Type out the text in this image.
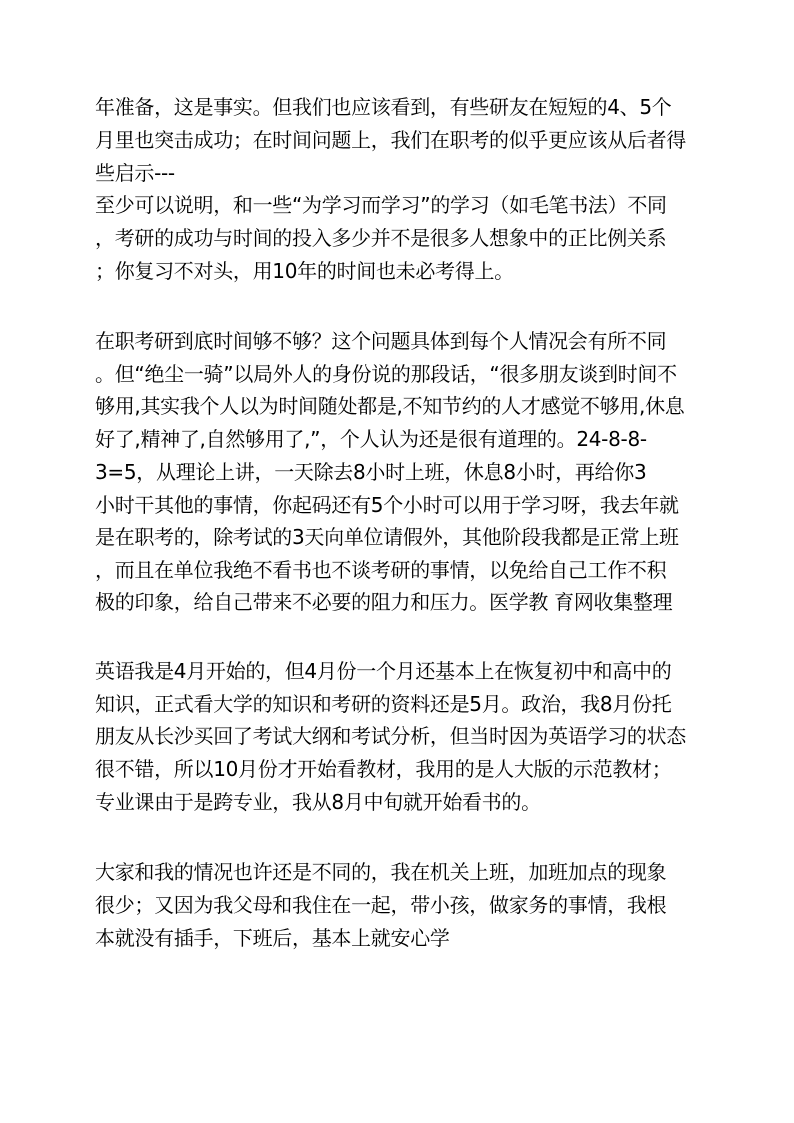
年准备，这是事实。但我们也应该看到，有些研友在短短的4、5个

月里也突击成功；在时间问题上，我们在职考的似乎更应该从后者得

些启示---

至少可以说明，和一些“为学习而学习”的学习（如毛笔书法）不同

，考研的成功与时间的投入多少并不是很多人想象中的正比例关系

；你复习不对头，用10年的时间也未必考得上。

在职考研到底时间够不够？这个问题具体到每个人情况会有所不同

。但“绝尘一骑”以局外人的身份说的那段话，“很多朋友谈到时间不

够用,其实我个人以为时间随处都是,不知节约的人才感觉不够用,休息

好了,精神了,自然够用了,”，个人认为还是很有道理的。24-8-8-

3=5，从理论上讲，一天除去8小时上班，休息8小时，再给你3

小时干其他的事情，你起码还有5个小时可以用于学习呀，我去年就

是在职考的，除考试的3天向单位请假外，其他阶段我都是正常上班

，而且在单位我绝不看书也不谈考研的事情，以免给自己工作不积

极的印象，给自己带来不必要的阻力和压力。医学教 育网收集整理

英语我是4月开始的，但4月份一个月还基本上在恢复初中和高中的

知识，正式看大学的知识和考研的资料还是5月。政治，我8月份托

朋友从长沙买回了考试大纲和考试分析，但当时因为英语学习的状态

很不错，所以10月份才开始看教材，我用的是人大版的示范教材；

专业课由于是跨专业，我从8月中旬就开始看书的。

大家和我的情况也许还是不同的，我在机关上班，加班加点的现象

很少；又因为我父母和我住在一起，带小孩，做家务的事情，我根

本就没有插手，下班后，基本上就安心学
